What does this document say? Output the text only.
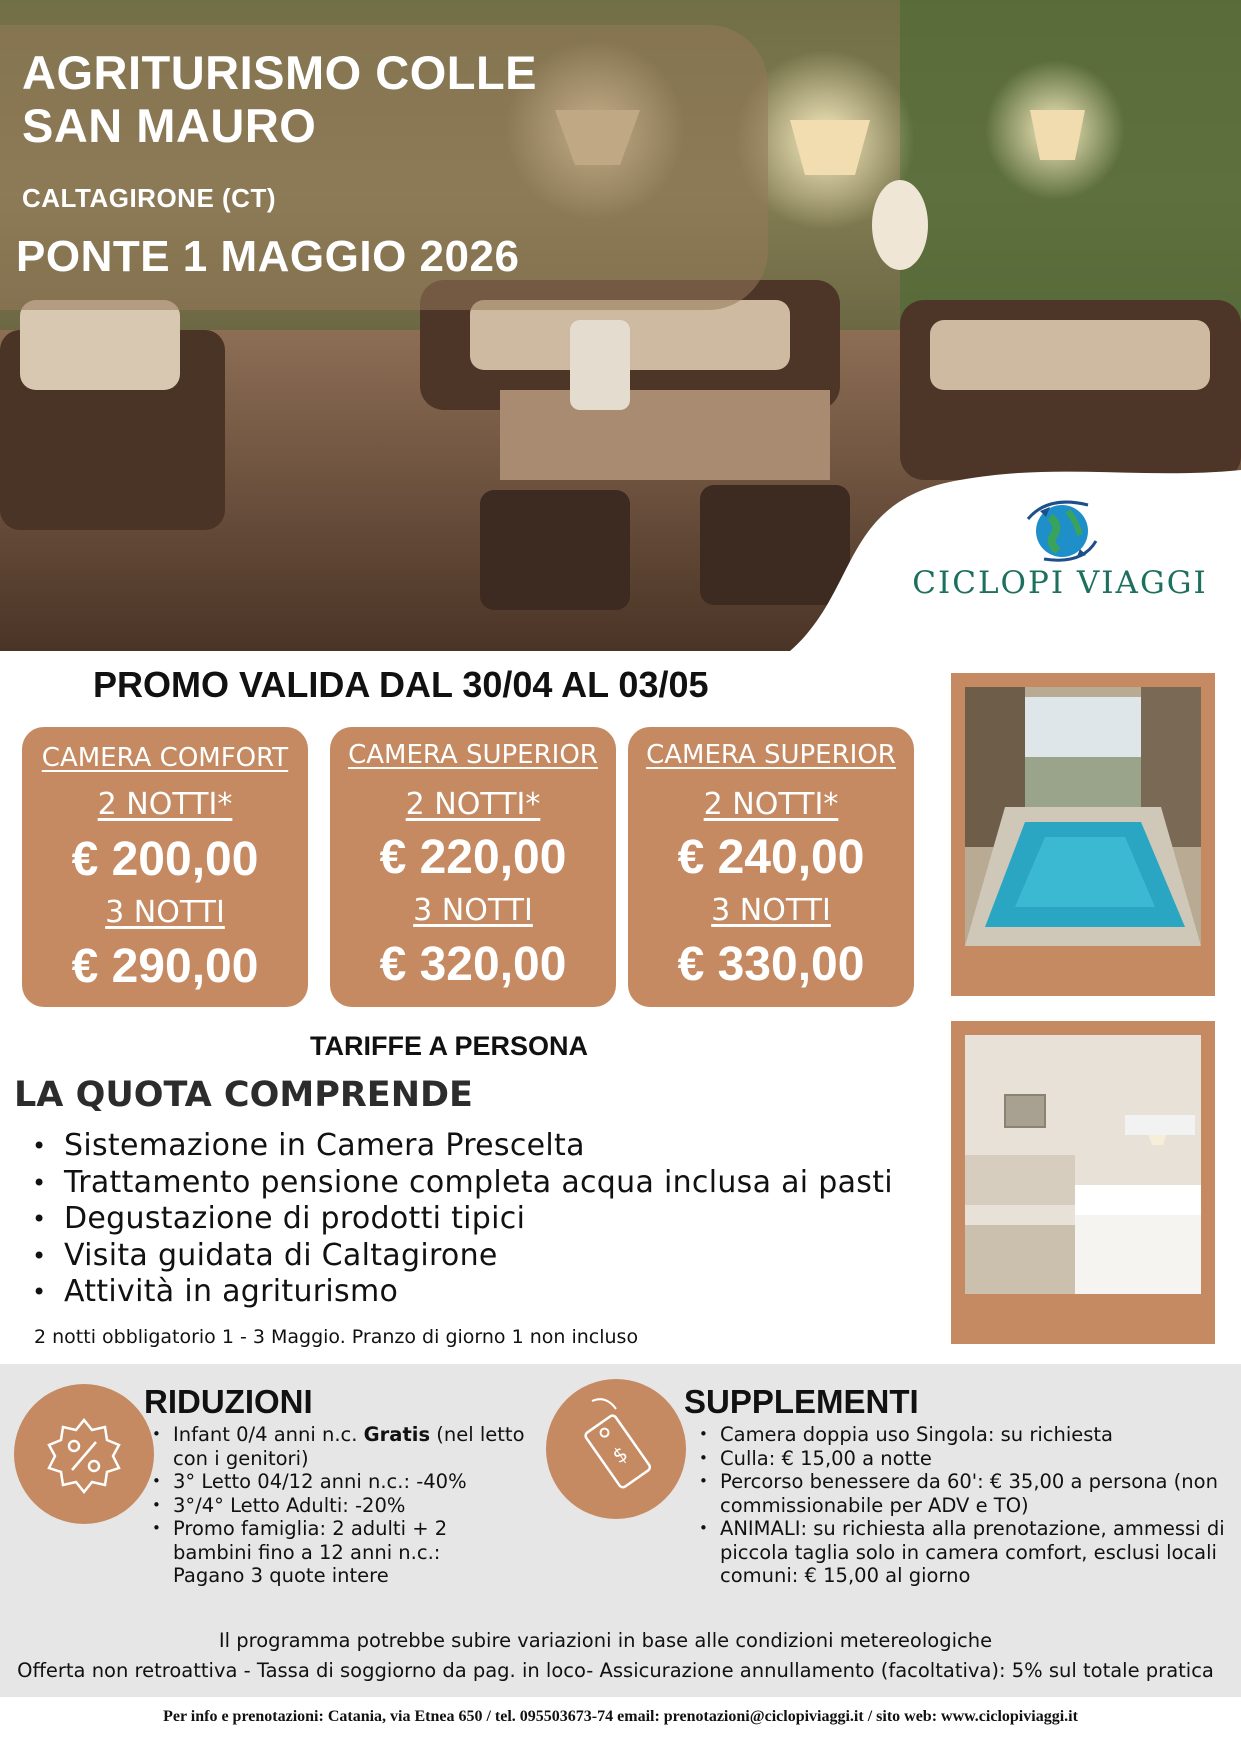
AGRITURISMO COLLE
SAN MAURO
CALTAGIRONE (CT)
PONTE 1 MAGGIO 2026
CICLOPI VIAGGI
PROMO VALIDA DAL 30/04 AL 03/05
CAMERA COMFORT
2 NOTTI*
€ 200,00
3 NOTTI
€ 290,00
CAMERA SUPERIOR
2 NOTTI*
€ 220,00
3 NOTTI
€ 320,00
CAMERA SUPERIOR
2 NOTTI*
€ 240,00
3 NOTTI
€ 330,00
TARIFFE A PERSONA
LA QUOTA COMPRENDE
• Sistemazione in Camera Prescelta
• Trattamento pensione completa acqua inclusa ai pasti
• Degustazione di prodotti tipici
• Visita guidata di Caltagirone
• Attività in agriturismo
2 notti obbligatorio 1 - 3 Maggio. Pranzo di giorno 1 non incluso
RIDUZIONI
• Infant 0/4 anni n.c. Gratis (nel letto con i genitori)
• 3° Letto 04/12 anni n.c.: -40%
• 3°/4° Letto Adulti: -20%
• Promo famiglia: 2 adulti + 2 bambini fino a 12 anni n.c.: Pagano 3 quote intere
$
SUPPLEMENTI
• Camera doppia uso Singola: su richiesta
• Culla: € 15,00 a notte
• Percorso benessere da 60': € 35,00 a persona (non commissionabile per ADV e TO)
• ANIMALI: su richiesta alla prenotazione, ammessi di piccola taglia solo in camera comfort, esclusi locali comuni: € 15,00 al giorno
Il programma potrebbe subire variazioni in base alle condizioni metereologiche
Offerta non retroattiva - Tassa di soggiorno da pag. in loco- Assicurazione annullamento (facoltativa): 5% sul totale pratica
Per info e prenotazioni: Catania, via Etnea 650 / tel. 095503673-74 email: prenotazioni@ciclopiviaggi.it / sito web: www.ciclopiviaggi.it
